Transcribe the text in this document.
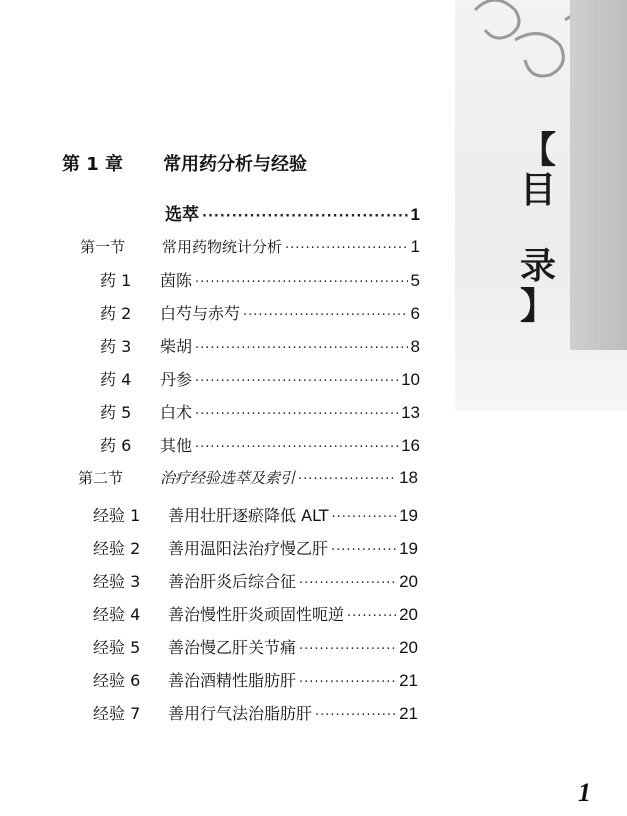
【
目
录
】
第 1 章 常用药分析与经验
选萃 ·····	1
第一节	常用药物统计分析 ·····	1
药 1	茵陈 ·····	5
药 2	白芍与赤芍 ·····	6
药 3	柴胡 ·····	8
药 4	丹参 ·····	10
药 5	白术 ·····	13
药 6	其他 ·····	16
第二节	治疗经验选萃及索引 ·····	18
经验 1	善用壮肝逐瘀降低 ALT ·····	19
经验 2	善用温阳法治疗慢乙肝 ·····	19
经验 3	善治肝炎后综合征 ·····	20
经验 4	善治慢性肝炎顽固性呃逆 ·····	20
经验 5	善治慢乙肝关节痛 ·····	20
经验 6	善治酒精性脂肪肝 ·····	21
经验 7	善用行气法治脂肪肝 ·····	21
1
